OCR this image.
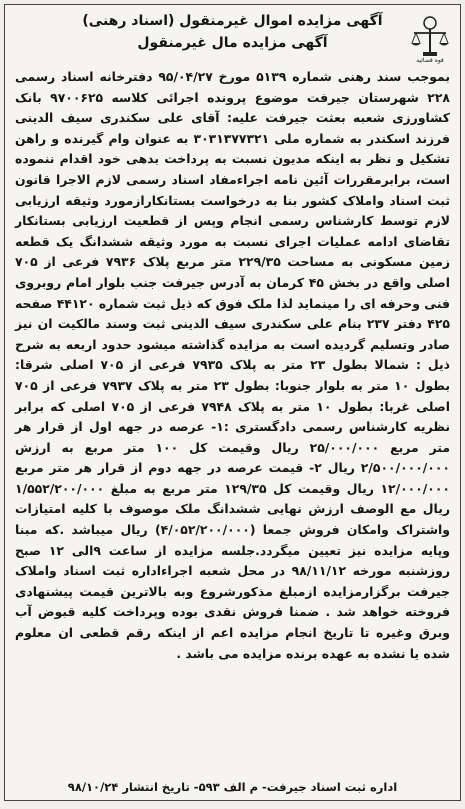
قوه قضائیه
آگهی مزایده اموال غیرمنقول (اسناد رهنی)
آگهی مزایده مال غیرمنقول

بموجب سند رهنی شماره ۵۱۳۹ مورخ ۹۵/۰۴/۲۷ دفترخانه اسناد رسمی ۲۲۸ شهرستان جیرفت موضوع پرونده اجرائی کلاسه ۹۷۰۰۶۲۵ بانک کشاورزی شعبه بعثت جیرفت علیه: آقای علی سکندری سیف الدینی فرزند اسکندر به شماره ملی ۳۰۳۱۳۷۷۳۲۱ به عنوان وام گیرنده و راهن تشکیل و نظر به اینکه مدیون نسبت به پرداخت بدهی خود اقدام ننموده است، برابرمقررات آئین نامه اجراءمفاد اسناد رسمی لازم الاجرا قانون ثبت اسناد واملاک کشور بنا به درخواست بستانکارازمورد وثیقه ارزیابی لازم توسط کارشناس رسمی انجام وپس از قطعیت ارزیابی بستانکار تقاضای ادامه عملیات اجرای نسبت به مورد وثیقه ششدانگ یک قطعه زمین مسکونی به مساحت ۲۲۹/۳۵ متر مربع پلاک ۷۹۳۶ فرعی از ۷۰۵ اصلی واقع در بخش ۴۵ کرمان به آدرس جیرفت جنب بلوار امام روبروی فنی وحرفه ای را مینماید لذا ملک فوق که ذیل ثبت شماره ۴۴۱۲۰ صفحه ۴۲۵ دفتر ۲۳۷ بنام علی سکندری سیف الدینی ثبت وسند مالکیت ان نیز صادر وتسلیم گردیده است به مزایده گذاشته میشود حدود اربعه به شرح ذیل : شمالا بطول ۲۳ متر به پلاک ۷۹۳۵ فرعی از ۷۰۵ اصلی شرقا: بطول ۱۰ متر به بلوار جنوبا: بطول ۲۳ متر به پلاک ۷۹۳۷ فرعی از ۷۰۵ اصلی غربا: بطول ۱۰ متر به پلاک ۷۹۴۸ فرعی از ۷۰۵ اصلی که برابر نظریه کارشناس رسمی دادگستری :۱- عرصه در جهه اول از قرار هر متر مربع ۲۵/۰۰۰/۰۰۰ ریال وقیمت کل ۱۰۰ متر مربع به ارزش ۲/۵۰۰/۰۰۰/۰۰۰ ریال ۲- قیمت عرصه در جهه دوم از قرار هر متر مربع ۱۲/۰۰۰/۰۰۰ ریال وقیمت کل ۱۲۹/۳۵ متر مربع به مبلغ ۱/۵۵۲/۲۰۰/۰۰۰ ریال مع الوصف ارزش نهایی ششدانگ ملک موصوف با کلیه امتیازات واشتراک وامکان فروش جمعا (۴/۰۵۲/۲۰۰/۰۰۰) ریال میباشد .که مبنا وپایه مزایده نیز تعیین میگردد.جلسه مزایده از ساعت ۹الی ۱۲ صبح روزشنبه مورخه ۹۸/۱۱/۱۲ در محل شعبه اجراءاداره ثبت اسناد واملاک جیرفت برگزارمزایده ازمبلغ مذکورشروع وبه بالاترین قیمت پیشنهادی فروخته خواهد شد . ضمنا فروش نقدی بوده وپرداخت کلیه قبوض آب وبرق وغیره تا تاریخ انجام مزایده اعم از اینکه رقم قطعی ان معلوم شده یا نشده به عهده برنده مزایده می باشد .

اداره ثبت اسناد جیرفت- م الف ۵۹۳- تاریخ انتشار ۹۸/۱۰/۲۴
